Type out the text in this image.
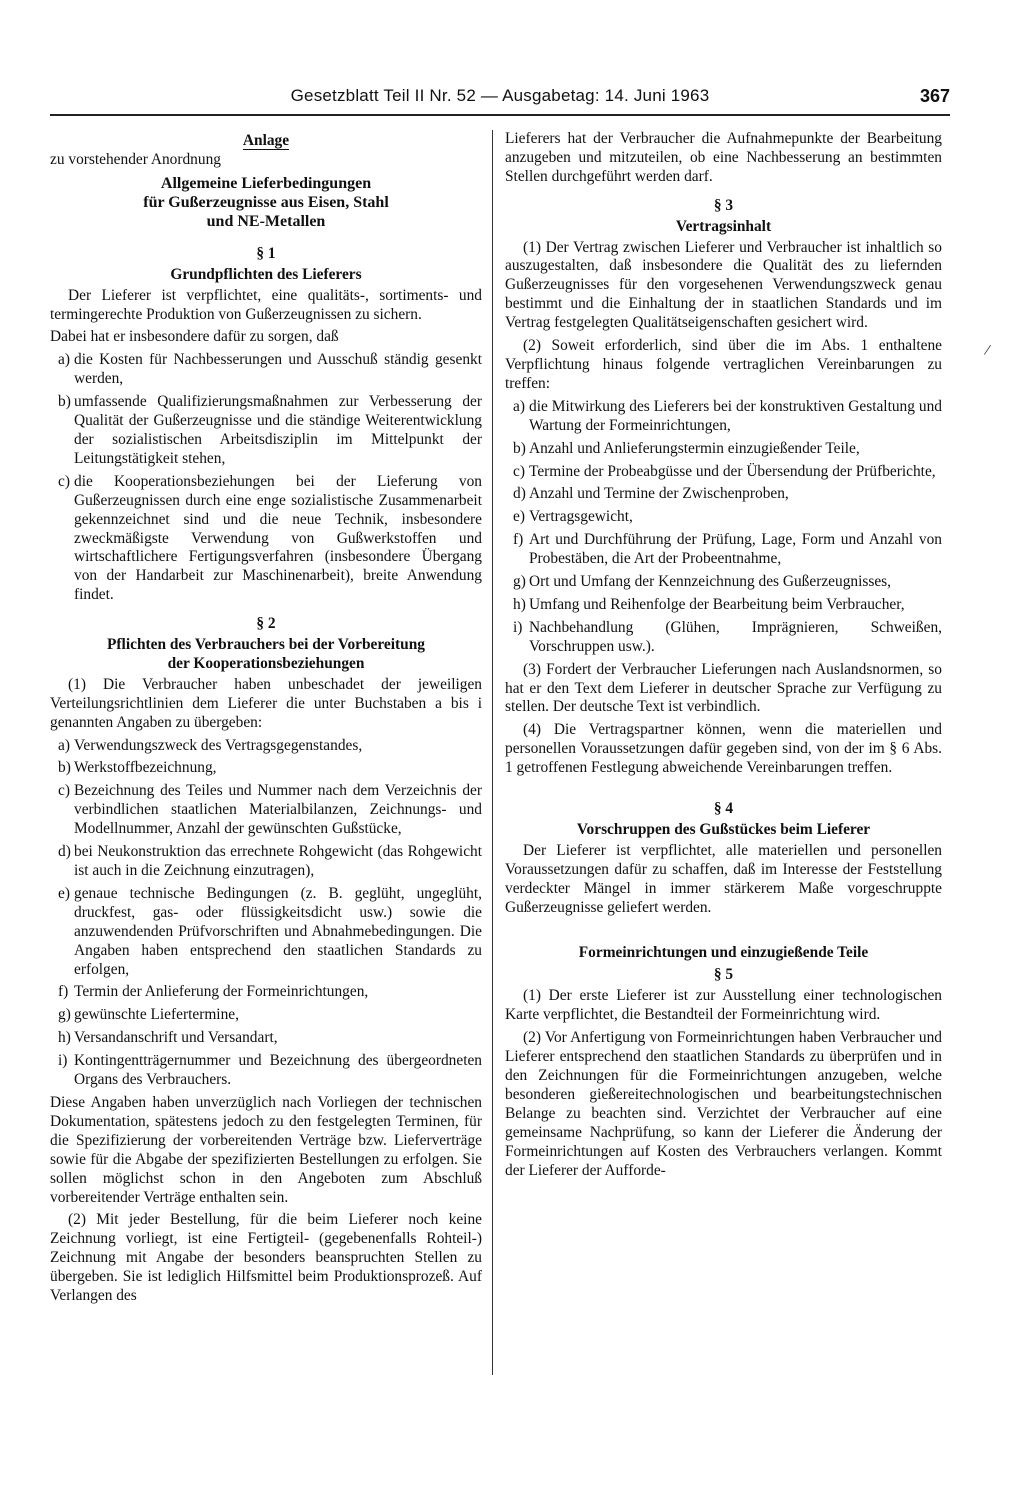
Gesetzblatt Teil II Nr. 52 — Ausgabetag: 14. Juni 1963	367
Anlage

zu vorstehender Anordnung

Allgemeine Lieferbedingungen
für Gußerzeugnisse aus Eisen, Stahl
und NE-Metallen
§ 1
Grundpflichten des Lieferers

Der Lieferer ist verpflichtet, eine qualitäts-, sortiments- und termingerechte Produktion von Gußerzeugnissen zu sichern.

Dabei hat er insbesondere dafür zu sorgen, daß

a) die Kosten für Nachbesserungen und Ausschuß ständig gesenkt werden,
b) umfassende Qualifizierungsmaßnahmen zur Verbesserung der Qualität der Gußerzeugnisse und die ständige Weiterentwicklung der sozialistischen Arbeitsdisziplin im Mittelpunkt der Leitungstätigkeit stehen,
c) die Kooperationsbeziehungen bei der Lieferung von Gußerzeugnissen durch eine enge sozialistische Zusammenarbeit gekennzeichnet sind und die neue Technik, insbesondere zweckmäßigste Verwendung von Gußwerkstoffen und wirtschaftlichere Fertigungsverfahren (insbesondere Übergang von der Handarbeit zur Maschinenarbeit), breite Anwendung findet.
§ 2
Pflichten des Verbrauchers bei der Vorbereitung
der Kooperationsbeziehungen

(1) Die Verbraucher haben unbeschadet der jeweiligen Verteilungsrichtlinien dem Lieferer die unter Buchstaben a bis i genannten Angaben zu übergeben:

a) Verwendungszweck des Vertragsgegenstandes,
b) Werkstoffbezeichnung,
c) Bezeichnung des Teiles und Nummer nach dem Verzeichnis der verbindlichen staatlichen Materialbilanzen, Zeichnungs- und Modellnummer, Anzahl der gewünschten Gußstücke,
d) bei Neukonstruktion das errechnete Rohgewicht (das Rohgewicht ist auch in die Zeichnung einzutragen),
e) genaue technische Bedingungen (z. B. geglüht, ungeglüht, druckfest, gas- oder flüssigkeitsdicht usw.) sowie die anzuwendenden Prüfvorschriften und Abnahmebedingungen. Die Angaben haben entsprechend den staatlichen Standards zu erfolgen,
f) Termin der Anlieferung der Formeinrichtungen,
g) gewünschte Liefertermine,
h) Versandanschrift und Versandart,
i) Kontingentträgernummer und Bezeichnung des übergeordneten Organs des Verbrauchers.

Diese Angaben haben unverzüglich nach Vorliegen der technischen Dokumentation, spätestens jedoch zu den festgelegten Terminen, für die Spezifizierung der vorbereitenden Verträge bzw. Lieferverträge sowie für die Abgabe der spezifizierten Bestellungen zu erfolgen. Sie sollen möglichst schon in den Angeboten zum Abschluß vorbereitender Verträge enthalten sein.

(2) Mit jeder Bestellung, für die beim Lieferer noch keine Zeichnung vorliegt, ist eine Fertigteil- (gegebenenfalls Rohteil-) Zeichnung mit Angabe der besonders beanspruchten Stellen zu übergeben. Sie ist lediglich Hilfsmittel beim Produktionsprozeß. Auf Verlangen des

Lieferers hat der Verbraucher die Aufnahmepunkte der Bearbeitung anzugeben und mitzuteilen, ob eine Nachbesserung an bestimmten Stellen durchgeführt werden darf.

§ 3
Vertragsinhalt

(1) Der Vertrag zwischen Lieferer und Verbraucher ist inhaltlich so auszugestalten, daß insbesondere die Qualität des zu liefernden Gußerzeugnisses für den vorgesehenen Verwendungszweck genau bestimmt und die Einhaltung der in staatlichen Standards und im Vertrag festgelegten Qualitätseigenschaften gesichert wird.

(2) Soweit erforderlich, sind über die im Abs. 1 enthaltene Verpflichtung hinaus folgende vertraglichen Vereinbarungen zu treffen:

a) die Mitwirkung des Lieferers bei der konstruktiven Gestaltung und Wartung der Formeinrichtungen,
b) Anzahl und Anlieferungstermin einzugießender Teile,
c) Termine der Probeabgüsse und der Übersendung der Prüfberichte,
d) Anzahl und Termine der Zwischenproben,
e) Vertragsgewicht,
f) Art und Durchführung der Prüfung, Lage, Form und Anzahl von Probestäben, die Art der Probeentnahme,
g) Ort und Umfang der Kennzeichnung des Gußerzeugnisses,
h) Umfang und Reihenfolge der Bearbeitung beim Verbraucher,
i) Nachbehandlung (Glühen, Imprägnieren, Schweißen, Vorschruppen usw.).

(3) Fordert der Verbraucher Lieferungen nach Auslandsnormen, so hat er den Text dem Lieferer in deutscher Sprache zur Verfügung zu stellen. Der deutsche Text ist verbindlich.

(4) Die Vertragspartner können, wenn die materiellen und personellen Voraussetzungen dafür gegeben sind, von der im § 6 Abs. 1 getroffenen Festlegung abweichende Vereinbarungen treffen.

§ 4
Vorschruppen des Gußstückes beim Lieferer

Der Lieferer ist verpflichtet, alle materiellen und personellen Voraussetzungen dafür zu schaffen, daß im Interesse der Feststellung verdeckter Mängel in immer stärkerem Maße vorgeschruppte Gußerzeugnisse geliefert werden.

Formeinrichtungen und einzugießende Teile
§ 5

(1) Der erste Lieferer ist zur Ausstellung einer technologischen Karte verpflichtet, die Bestandteil der Formeinrichtung wird.

(2) Vor Anfertigung von Formeinrichtungen haben Verbraucher und Lieferer entsprechend den staatlichen Standards zu überprüfen und in den Zeichnungen für die Formeinrichtungen anzugeben, welche besonderen gießereitechnologischen und bearbeitungstechnischen Belange zu beachten sind. Verzichtet der Verbraucher auf eine gemeinsame Nachprüfung, so kann der Lieferer die Änderung der Formeinrichtungen auf Kosten des Verbrauchers verlangen. Kommt der Lieferer der Aufforde-

/
